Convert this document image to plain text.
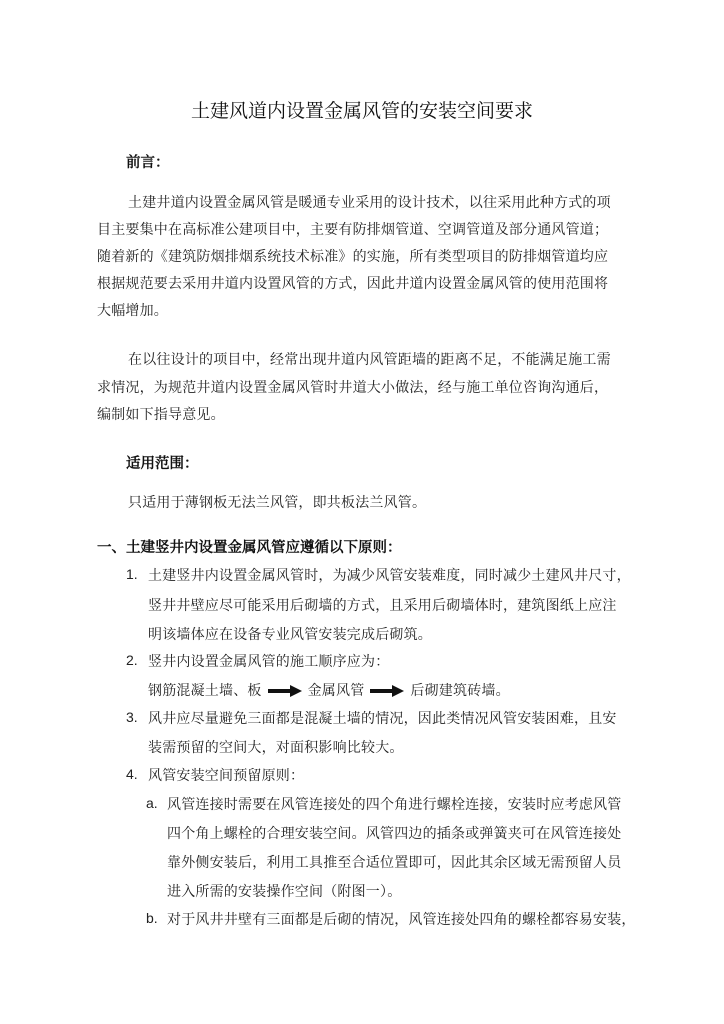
土建风道内设置金属风管的安装空间要求
前言：
土建井道内设置金属风管是暖通专业采用的设计技术，以往采用此种方式的项
目主要集中在高标准公建项目中，主要有防排烟管道、空调管道及部分通风管道；
随着新的《建筑防烟排烟系统技术标准》的实施，所有类型项目的防排烟管道均应
根据规范要去采用井道内设置风管的方式，因此井道内设置金属风管的使用范围将
大幅增加。
在以往设计的项目中，经常出现井道内风管距墙的距离不足，不能满足施工需
求情况，为规范井道内设置金属风管时井道大小做法，经与施工单位咨询沟通后，
编制如下指导意见。
适用范围：
只适用于薄钢板无法兰风管，即共板法兰风管。
一、土建竖井内设置金属风管应遵循以下原则：
1. 土建竖井内设置金属风管时，为减少风管安装难度，同时减少土建风井尺寸，
竖井井壁应尽可能采用后砌墙的方式，且采用后砌墙体时，建筑图纸上应注
明该墙体应在设备专业风管安装完成后砌筑。
2. 竖井内设置金属风管的施工顺序应为：
钢筋混凝土墙、板	金属风管	后砌建筑砖墙。
3. 风井应尽量避免三面都是混凝土墙的情况，因此类情况风管安装困难，且安
装需预留的空间大，对面积影响比较大。
4. 风管安装空间预留原则：
a. 风管连接时需要在风管连接处的四个角进行螺栓连接，安装时应考虑风管
四个角上螺栓的合理安装空间。风管四边的插条或弹簧夹可在风管连接处
靠外侧安装后，利用工具推至合适位置即可，因此其余区域无需预留人员
进入所需的安装操作空间（附图一）。
b. 对于风井井壁有三面都是后砌的情况，风管连接处四角的螺栓都容易安装，
